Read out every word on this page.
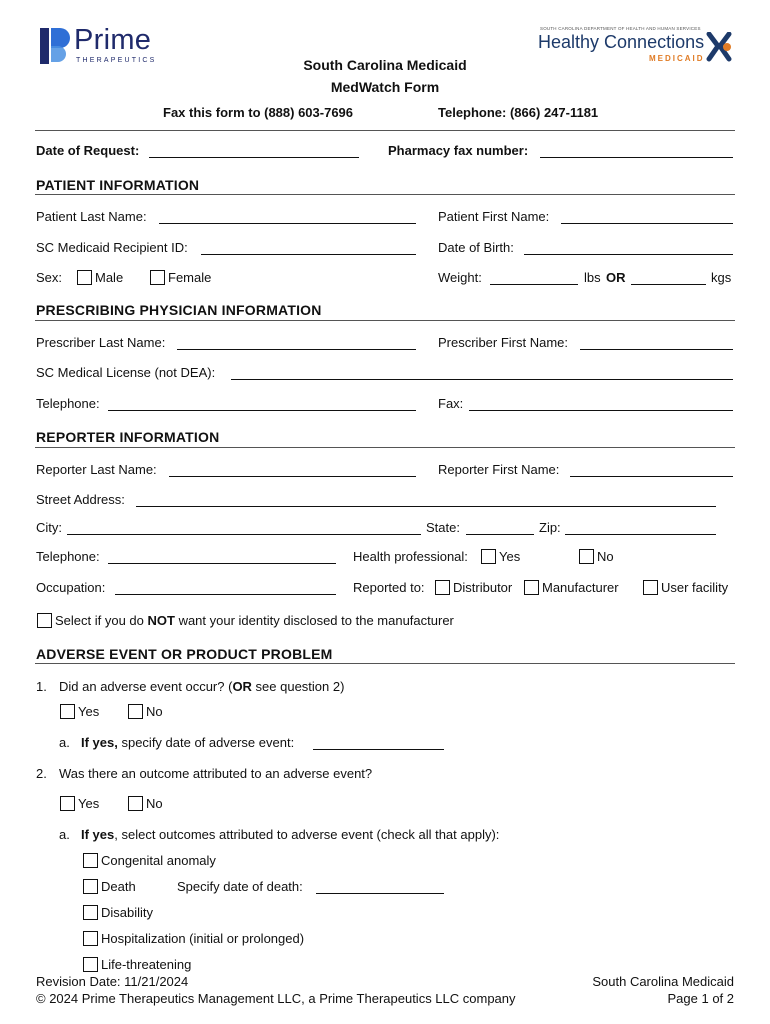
Prime
THERAPEUTICS
SOUTH CAROLINA DEPARTMENT OF HEALTH AND HUMAN SERVICES
Healthy Connections
MEDICAID
South Carolina Medicaid
MedWatch Form
Fax this form to (888) 603-7696	Telephone: (866) 247-1181
Date of Request:	Pharmacy fax number:
PATIENT INFORMATION
Patient Last Name:	Patient First Name:
SC Medicaid Recipient ID:	Date of Birth:
Sex:	Male	Female	Weight:	lbs OR	kgs
PRESCRIBING PHYSICIAN INFORMATION
Prescriber Last Name:	Prescriber First Name:
SC Medical License (not DEA):
Telephone:	Fax:
REPORTER INFORMATION
Reporter Last Name:	Reporter First Name:
Street Address:
City:	State:	Zip:
Telephone:	Health professional: Yes	No
Occupation:	Reported to: Distributor Manufacturer	User facility
Select if you do NOT want your identity disclosed to the manufacturer
ADVERSE EVENT OR PRODUCT PROBLEM
1. Did an adverse event occur? (OR see question 2)
Yes	No
a. If yes, specify date of adverse event:
2. Was there an outcome attributed to an adverse event?
Yes	No
a. If yes, select outcomes attributed to adverse event (check all that apply):
Congenital anomaly
Death	Specify date of death:
Disability
Hospitalization (initial or prolonged)
Life-threatening
Revision Date: 11/21/2024
© 2024 Prime Therapeutics Management LLC, a Prime Therapeutics LLC company
South Carolina Medicaid
Page 1 of 2
